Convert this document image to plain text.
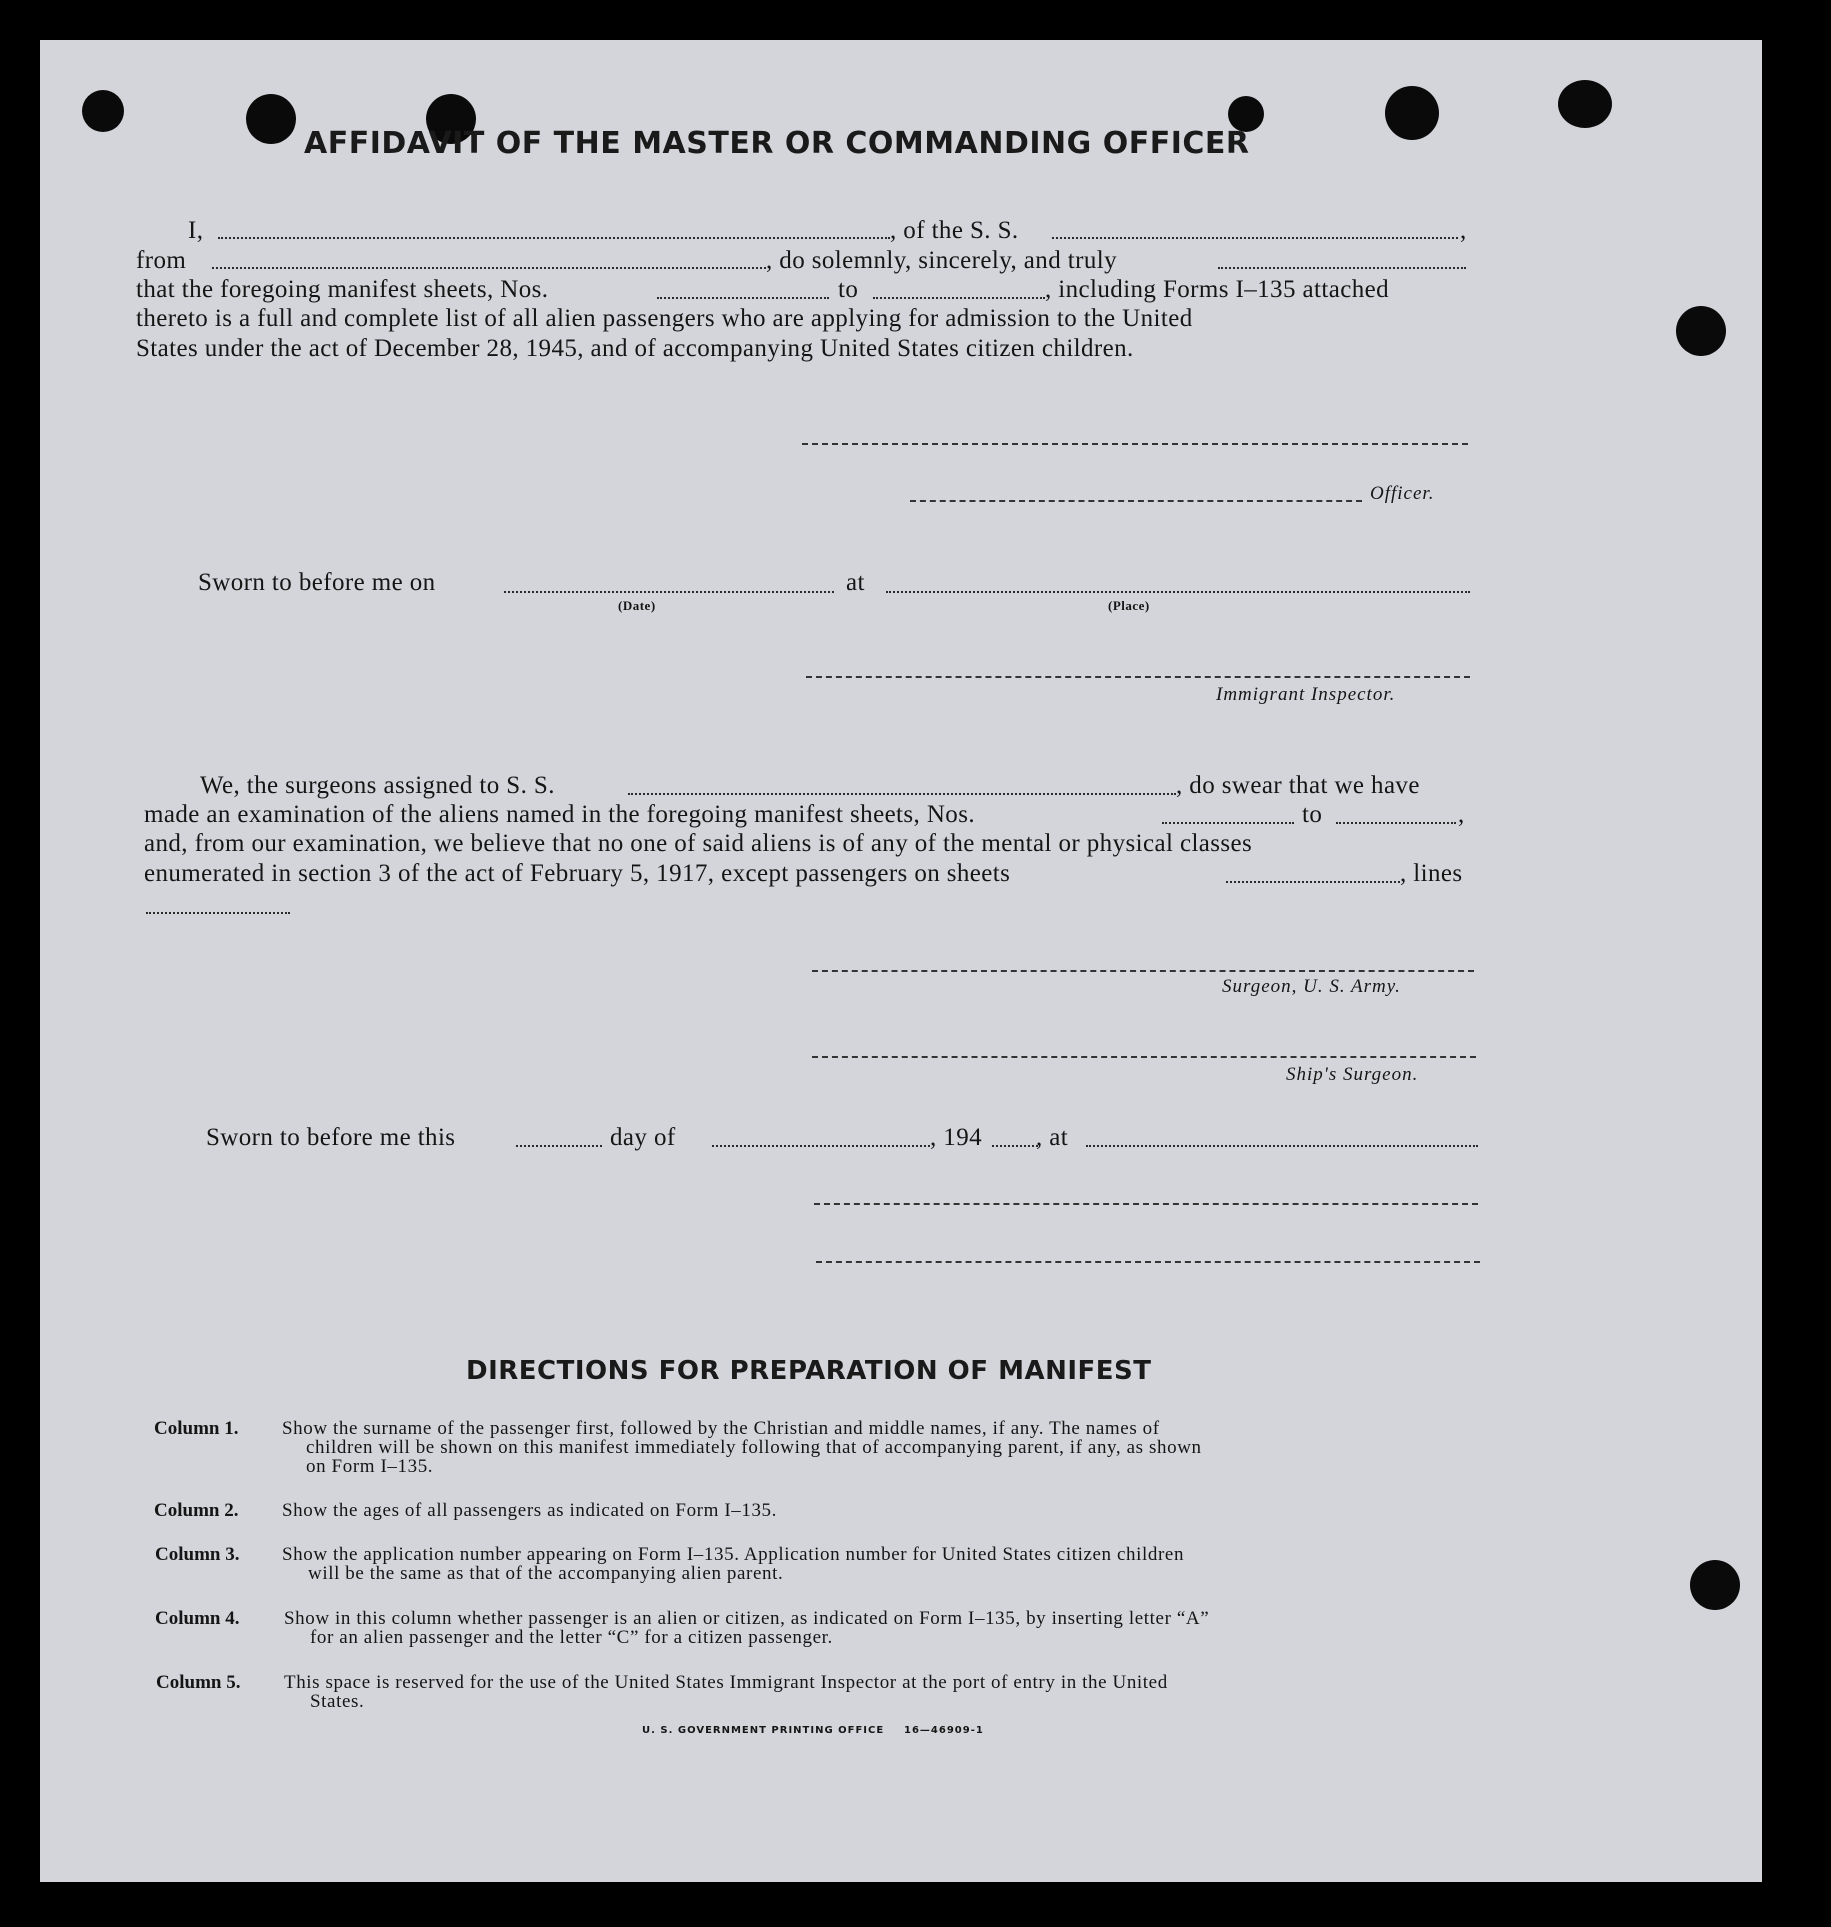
AFFIDAVIT OF THE MASTER OR COMMANDING OFFICER
I,	, of the S. S.	,
from	, do solemnly, sincerely, and truly
that the foregoing manifest sheets, Nos.	to	, including Forms I–135 attached
thereto is a full and complete list of all alien passengers who are applying for admission to the United
States under the act of December 28, 1945, and of accompanying United States citizen children.
Officer.
Sworn to before me on	at
(Date)	(Place)
Immigrant Inspector.
We, the surgeons assigned to S. S.	, do swear that we have
made an examination of the aliens named in the foregoing manifest sheets, Nos.	to	,
and, from our examination, we believe that no one of said aliens is of any of the mental or physical classes
enumerated in section 3 of the act of February 5, 1917, except passengers on sheets	, lines
Surgeon, U. S. Army.
Ship's Surgeon.
Sworn to before me this	day of	, 194 , at
DIRECTIONS FOR PREPARATION OF MANIFEST
Column 1. Show the surname of the passenger first, followed by the Christian and middle names, if any. The names of
children will be shown on this manifest immediately following that of accompanying parent, if any, as shown
on Form I–135.
Column 2. Show the ages of all passengers as indicated on Form I–135.
Column 3. Show the application number appearing on Form I–135. Application number for United States citizen children
will be the same as that of the accompanying alien parent.
Column 4. Show in this column whether passenger is an alien or citizen, as indicated on Form I–135, by inserting letter “A”
for an alien passenger and the letter “C” for a citizen passenger.
Column 5. This space is reserved for the use of the United States Immigrant Inspector at the port of entry in the United
States.
U. S. GOVERNMENT PRINTING OFFICE 16—46909-1
